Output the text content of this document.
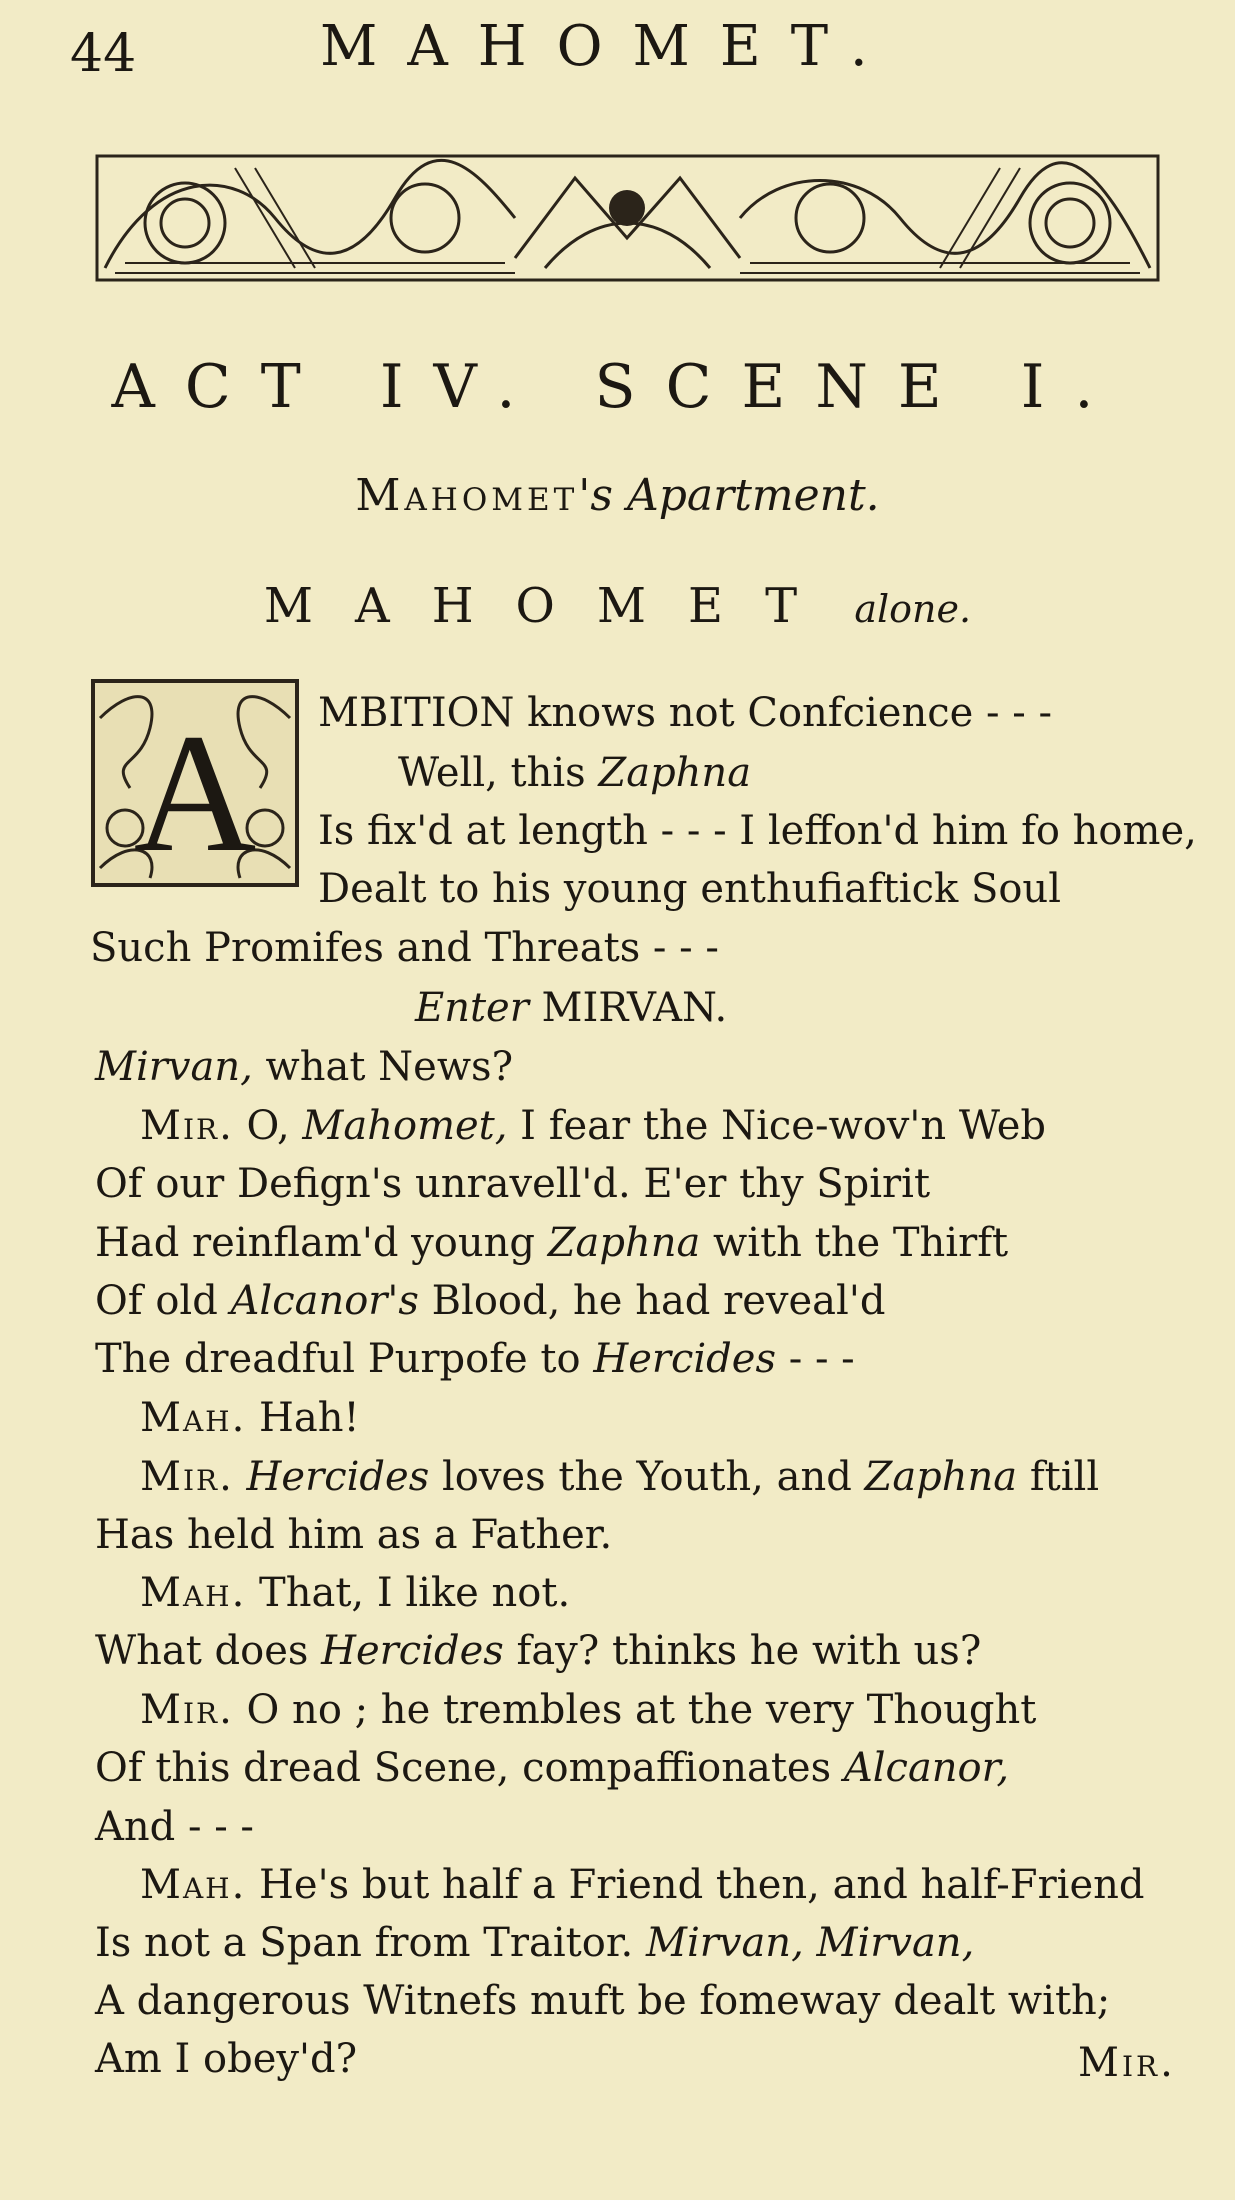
44	MAHOMET.
ACT IV. SCENE I.
Mahomet's Apartment.
MAHOMET alone.
A MBITION knows not Confcience - - -
Well, this Zaphna
Is fix'd at length - - - I leffon'd him fo home,
Dealt to his young enthufiaftick Soul
Such Promifes and Threats - - -
Enter MIRVAN.
Mirvan, what News?
Mir. O, Mahomet, I fear the Nice-wov'n Web
Of our Defign's unravell'd. E'er thy Spirit
Had reinflam'd young Zaphna with the Thirft
Of old Alcanor's Blood, he had reveal'd
The dreadful Purpofe to Hercides - - -
Mah. Hah!
Mir. Hercides loves the Youth, and Zaphna ftill
Has held him as a Father.
Mah. That, I like not.
What does Hercides fay? thinks he with us?
Mir. O no ; he trembles at the very Thought
Of this dread Scene, compaffionates Alcanor,
And - - -
Mah. He's but half a Friend then, and half-Friend
Is not a Span from Traitor. Mirvan, Mirvan,
A dangerous Witnefs muft be fomeway dealt with;
Am I obey'd?	Mir.
